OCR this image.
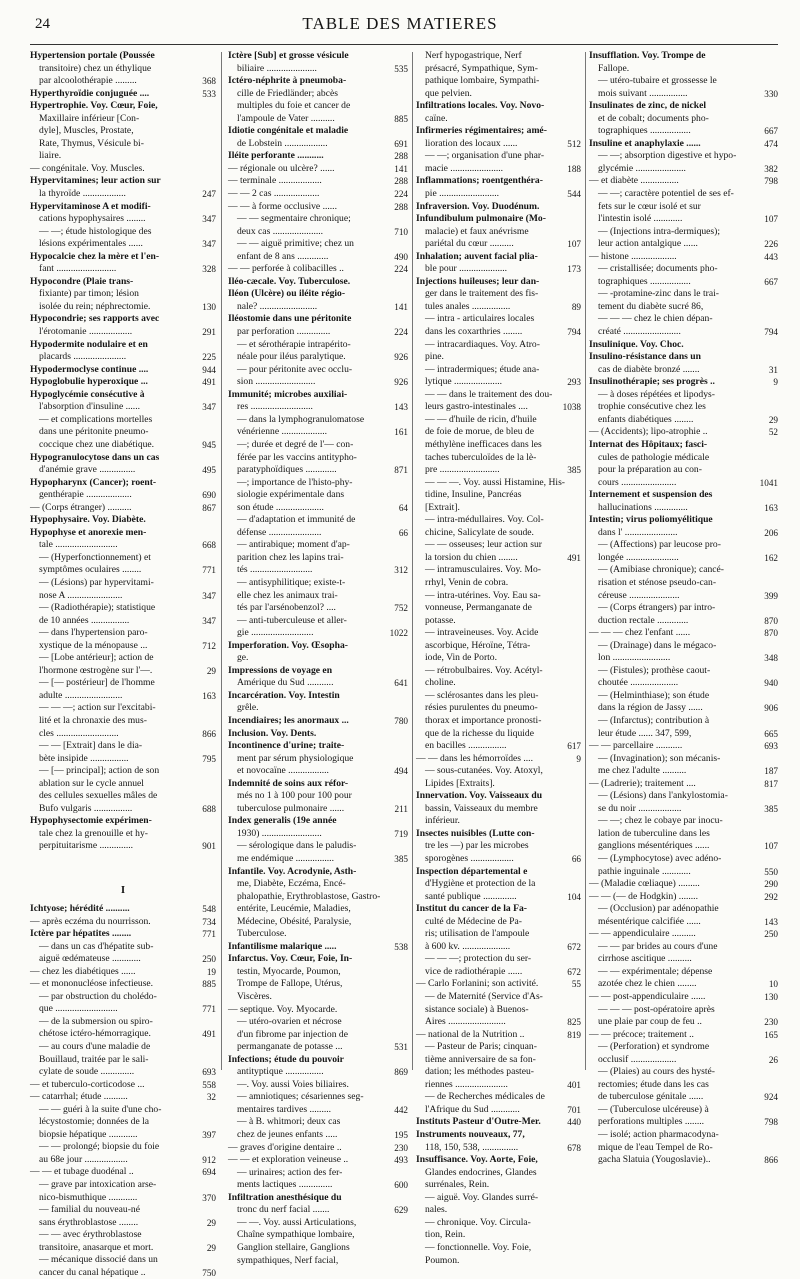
24	TABLE DES MATIERES
Hypertension portale (Poussée
transitoire) chez un éthylique
par alcoolothérapie .........	368
Hyperthyroïdie conjuguée ....	533
Hypertrophie. Voy. Cœur, Foie,
Maxillaire inférieur [Con-
dyle], Muscles, Prostate,
Rate, Thymus, Vésicule bi-
liaire.
— congénitale. Voy. Muscles.
Hypervitamines; leur action sur
la thyroïde ..................	247
Hypervitaminose A et modifi-
cations hypophysaires ........	347
— —; étude histologique des
lésions expérimentales ......	347
Hypocalcie chez la mère et l'en-
fant .........................	328
Hypocondre (Plaie trans-
fixiante) par timon; lésion
isolée du rein; néphrectomie.	130
Hypocondrie; ses rapports avec
l'érotomanie ..................	291
Hypodermite nodulaire et en
placards ......................	225
Hypodermoclyse continue ....	944
Hypoglobulie hyperoxique ...	491
Hypoglycémie consécutive à
l'absorption d'insuline ......	347
— et complications mortelles
dans une péritonite pneumo-
coccique chez une diabétique.	945
Hypogranulocytose dans un cas
d'anémie grave ...............	495
Hypopharynx (Cancer); roent-
genthérapie ...................	690
— (Corps étranger) ..........	867
Hypophysaire. Voy. Diabète.
Hypophyse et anorexie men-
tale ..........................	668
— (Hyperfonctionnement) et
symptômes oculaires ........	771
— (Lésions) par hypervitami-
nose A .......................	347
— (Radiothérapie); statistique
de 10 années ................	347
— dans l'hypertension paro-
xystique de la ménopause ...	712
— [Lobe antérieur]; action de
l'hormone œstrogène sur l'—.	29
— [— postérieur] de l'homme
adulte ........................	163
— — —; action sur l'excitabi-
lité et la chronaxie des mus-
cles ..........................	866
— — [Extrait] dans le dia-
bète insipide ................	795
— [— principal]; action de son
ablation sur le cycle annuel
des cellules sexuelles mâles de
Bufo vulgaris ................	688
Hypophysectomie expérimen-
tale chez la grenouille et hy-
perpituitarisme ..............	901
I
Ichtyose; hérédité ..........	548
— après eczéma du nourrisson.	734
Ictère par hépatites ........	771
— dans un cas d'hépatite sub-
aiguë œdémateuse ............	250
— chez les diabétiques ......	19
— et mononucléose infectieuse.	885
— par obstruction du cholédo-
que ..........................	771
— de la submersion ou spiro-
chétose ictéro-hémorragique.	491
— au cours d'une maladie de
Bouillaud, traitée par le sali-
cylate de soude ..............	693
— et tuberculo-corticodose ...	558
— catarrhal; étude ..........	32
— — guéri à la suite d'une cho-
lécystostomie; données de la
biopsie hépatique ............	397
— — prolongé; biopsie du foie
au 68e jour ..................	912
— — et tubage duodénal ..	694
— grave par intoxication arse-
nico-bismuthique ............	370
— familial du nouveau-né
sans érythroblastose ........	29
— — avec érythroblastose
transitoire, anasarque et mort.	29
— mécanique dissocié dans un
cancer du canal hépatique ..	750
Ictère [Sub] et grosse vésicule
biliaire .....................	535
Ictéro-néphrite à pneumoba-
cille de Friedländer; abcès
multiples du foie et cancer de
l'ampoule de Vater ..........	885
Idiotie congénitale et maladie
de Lobstein ..................	691
Iléite perforante ...........	288
— régionale ou ulcère? ......	141
— terminale ..................	288
— — 2 cas ...................	224
— — à forme occlusive ......	288
— — segmentaire chronique;
deux cas .....................	710
— — aiguë primitive; chez un
enfant de 8 ans .............	490
— — perforée à colibacilles ..	224
Iléo-cæcale. Voy. Tuberculose.
Iléon (Ulcère) ou iléite régio-
nale? ........................	141
Iléostomie dans une péritonite
par perforation ..............	224
— et sérothérapie intrapérito-
néale pour iléus paralytique.	926
— pour péritonite avec occlu-
sion .........................	926
Immunité; microbes auxiliai-
res ..........................	143
— dans la lymphogranulomatose
vénérienne ...................	161
—; durée et degré de l'— con-
férée par les vaccins antitypho-
paratyphoïdiques .............	871
—; importance de l'histo-phy-
siologie expérimentale dans
son étude ....................	64
— d'adaptation et immunité de
défense ......................	66
— antirabique; moment d'ap-
parition chez les lapins trai-
tés ..........................	312
— antisyphilitique; existe-t-
elle chez les animaux trai-
tés par l'arsénobenzol? ....	752
— anti-tuberculeuse et aller-
gie ..........................	1022
Imperforation. Voy. Œsopha-
ge.
Impressions de voyage en
Amérique du Sud ...........	641
Incarcération. Voy. Intestin
grêle.
Incendiaires; les anormaux ...	780
Inclusion. Voy. Dents.
Incontinence d'urine; traite-
ment par sérum physiologique
et novocaïne .................	494
Indemnité de soins aux réfor-
més no 1 à 100 pour 100 pour
tuberculose pulmonaire ......	211
Index generalis (19e année
1930) .........................	719
— sérologique dans le paludis-
me endémique ................	385
Infantile. Voy. Acrodynie, Asth-
me, Diabète, Eczéma, Encé-
phalopathie, Erythroblastose, Gastro-
entérite, Leucémie, Maladies,
Médecine, Obésité, Paralysie,
Tuberculose.
Infantilisme malarique .....	538
Infarctus. Voy. Cœur, Foie, In-
testin, Myocarde, Poumon,
Trompe de Fallope, Utérus,
Viscères.
— septique. Voy. Myocarde.
— utéro-ovarien et nécrose
d'un fibrome par injection de
permanganate de potasse ...	531
Infections; étude du pouvoir
antityptique ................	869
—. Voy. aussi Voies biliaires.
— amniotiques; césariennes seg-
mentaires tardives .........	442
— à B. whitmori; deux cas
chez de jeunes enfants .....	195
— graves d'origine dentaire ..	230
— — et exploration veineuse ..	493
— urinaires; action des fer-
ments lactiques ..............	600
Infiltration anesthésique du
tronc du nerf facial .......	629
— —. Voy. aussi Articulations,
Chaîne sympathique lombaire,
Ganglion stellaire, Ganglions
sympathiques, Nerf facial,
Nerf hypogastrique, Nerf
présacré, Sympathique, Sym-
pathique lombaire, Sympathi-
que pelvien.
Infiltrations locales. Voy. Novo-
caïne.
Infirmeries régimentaires; amé-
lioration des locaux ......	512
— —; organisation d'une phar-
macie ......................	188
Inflammations; roentgenthéra-
pie .........................	544
Infraversion. Voy. Duodénum.
Infundibulum pulmonaire (Mo-
malacie) et faux anévrisme
pariétal du cœur ..........	107
Inhalation; auvent facial plia-
ble pour ....................	173
Injections huileuses; leur dan-
ger dans le traitement des fis-
tules anales ................	89
— intra - articulaires locales
dans les coxarthries ........	794
— intracardiaques. Voy. Atro-
pine.
— intradermiques; étude ana-
lytique ....................	293
— — dans le traitement des dou-
leurs gastro-intestinales ....	1038
— — d'huile de ricin, d'huile
de foie de morue, de bleu de
méthylène inefficaces dans les
taches tuberculoïdes de la lè-
pre .........................	385
— — —. Voy. aussi Histamine, His-
tidine, Insuline, Pancréas
[Extrait].
— intra-médullaires. Voy. Col-
chicine, Salicylate de soude.
— — osseuses; leur action sur
la torsion du chien ........	491
— intramusculaires. Voy. Mo-
rrhyl, Venin de cobra.
— intra-utérines. Voy. Eau sa-
vonneuse, Permanganate de
potasse.
— intraveineuses. Voy. Acide
ascorbique, Héroïne, Tétra-
iode, Vin de Porto.
— rétrobulbaires. Voy. Acétyl-
choline.
— sclérosantes dans les pleu-
résies purulentes du pneumo-
thorax et importance pronosti-
que de la richesse du liquide
en bacilles ................	617
— — dans les hémorroïdes ....	9
— sous-cutanées. Voy. Atoxyl,
Lipides [Extraits].
Innervation. Voy. Vaisseaux du
bassin, Vaisseaux du membre
inférieur.
Insectes nuisibles (Lutte con-
tre les —) par les microbes
sporogènes ..................	66
Inspection départemental e
d'Hygiène et protection de la
santé publique ..............	104
Institut du cancer de la Fa-
culté de Médecine de Pa-
ris; utilisation de l'ampoule
à 600 kv. ....................	672
— — —; protection du ser-
vice de radiothérapie ......	672
— Carlo Forlanini; son activité.	55
— de Maternité (Service d'As-
sistance sociale) à Buenos-
Aires ........................	825
— national de la Nutrition ..	819
— Pasteur de Paris; cinquan-
tième anniversaire de sa fon-
dation; les méthodes pasteu-
riennes ......................	401
— de Recherches médicales de
l'Afrique du Sud ............	701
Instituts Pasteur d'Outre-Mer.	440
Instruments nouveaux, 77,
118, 150, 538, ...............	678
Insuffisance. Voy. Aorte, Foie,
Glandes endocrines, Glandes
surrénales, Rein.
— aiguë. Voy. Glandes surré-
nales.
— chronique. Voy. Circula-
tion, Rein.
— fonctionnelle. Voy. Foie,
Poumon.
Insufflation. Voy. Trompe de
Fallope.
— utéro-tubaire et grossesse le
mois suivant ................	330
Insulinates de zinc, de nickel
et de cobalt; documents pho-
tographiques .................	667
Insuline et anaphylaxie ......	474
— —; absorption digestive et hypo-
glycémie .....................	382
— et diabète ................	798
— —; caractère potentiel de ses ef-
fets sur le cœur isolé et sur
l'intestin isolé ............	107
— (Injections intra-dermiques);
leur action antalgique ......	226
— histone ...................	443
— cristallisée; documents pho-
tographiques .................	667
— -protamine-zinc dans le trai-
tement du diabète sucré 86,
— — — chez le chien dépan-
créaté ........................	794
Insulinique. Voy. Choc.
Insulino-résistance dans un
cas de diabète bronzé .......	31
Insulinothérapie; ses progrès ..	9
— à doses répétées et lipodys-
trophie consécutive chez les
enfants diabétiques ........	29
— (Accidents); lipo-atrophie ..	52
Internat des Hôpitaux; fasci-
cules de pathologie médicale
pour la préparation au con-
cours .......................	1041
Internement et suspension des
hallucinations ..............	163
Intestin; virus poliomyélitique
dans l' ......................	206
— (Affections) par leucose pro-
longée ......................	162
— (Amibiase chronique); cancé-
risation et sténose pseudo-can-
céreuse .....................	399
— (Corps étrangers) par intro-
duction rectale .............	870
— — — chez l'enfant ......	870
— (Drainage) dans le mégaco-
lon ........................	348
— (Fistules); prothèse caout-
choutée ....................	940
— (Helminthiase); son étude
dans la région de Jassy ......	906
— (Infarctus); contribution à
leur étude ...... 347, 599,	665
— — parcellaire ...........	693
— (Invagination); son mécanis-
me chez l'adulte ..........	187
— (Ladrerie); traitement ....	817
— (Lésions) dans l'ankylostomia-
se du noir ..................	385
— —; chez le cobaye par inocu-
lation de tuberculine dans les
ganglions mésentériques ......	107
— (Lymphocytose) avec adéno-
pathie inguinale ............	550
— (Maladie cœliaque) .........	290
— — (— de Hodgkin) ........	292
— (Occlusion) par adénopathie
mésentérique calcifiée ......	143
— — appendiculaire ..........	250
— — par brides au cours d'une
cirrhose ascitique ..........
— — expérimentale; dépense
azotée chez le chien ........	10
— — post-appendiculaire ......	130
— — — post-opératoire après
une plaie par coup de feu ..	230
— — précoce; traitement ..	165
— (Perforation) et syndrome
occlusif ...................	26
— (Plaies) au cours des hysté-
rectomies; étude dans les cas
de tuberculose génitale ......	924
— (Tuberculose ulcéreuse) à
perforations multiples ........	798
— isolé; action pharmacodyna-
mique de l'eau Tempel de Ro-
gacha Slatuia (Yougoslavie)..	866
